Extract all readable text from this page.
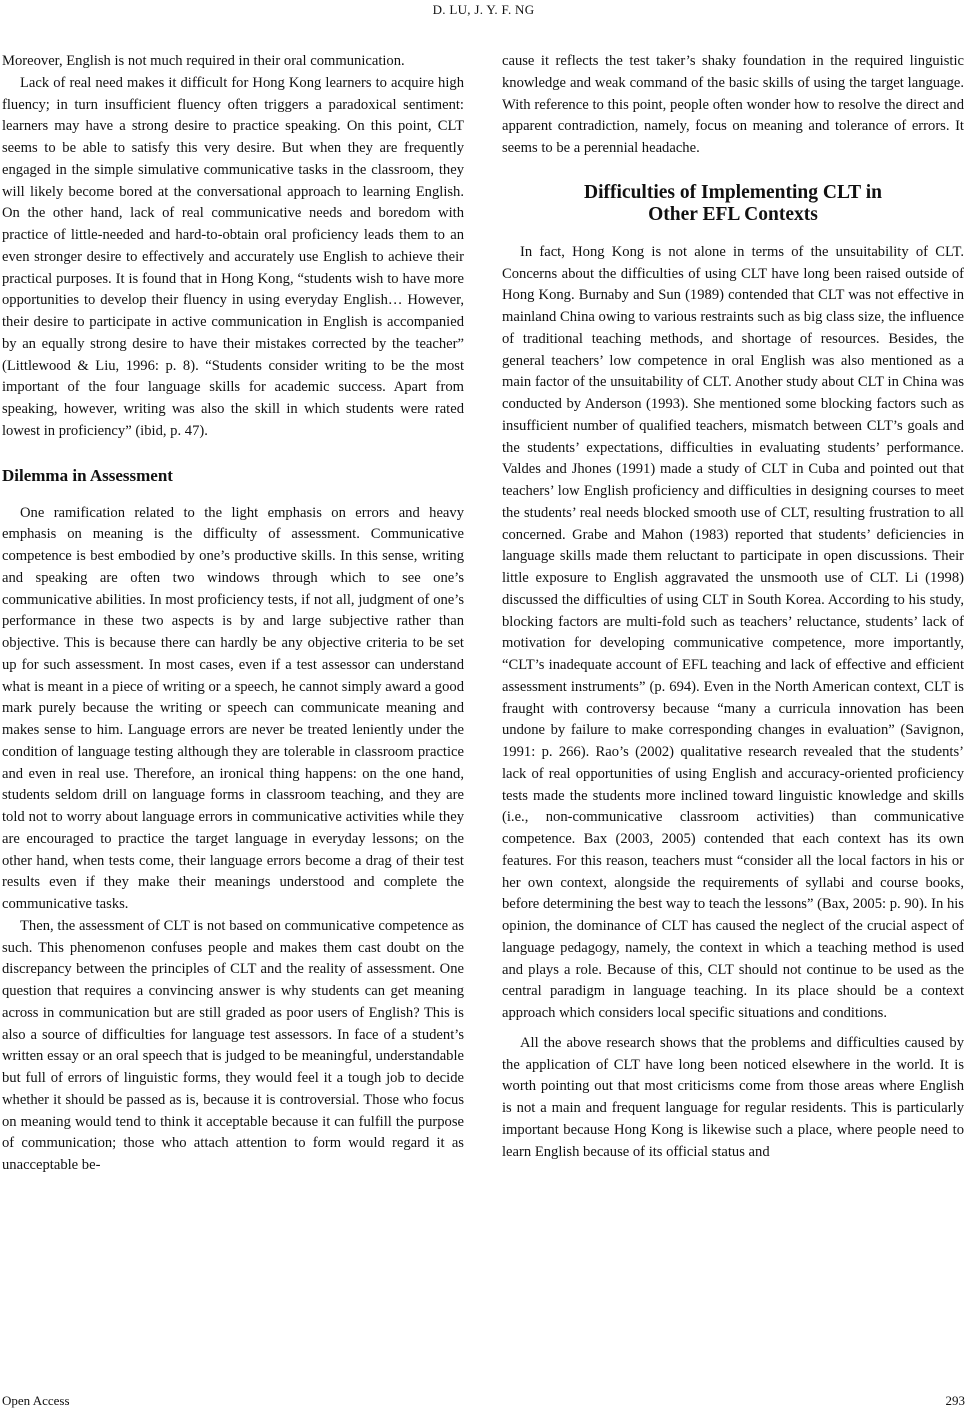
D. LU, J. Y. F. NG

Moreover, English is not much required in their oral communication.

Lack of real need makes it difficult for Hong Kong learners to acquire high fluency; in turn insufficient fluency often triggers a paradoxical sentiment: learners may have a strong desire to practice speaking. On this point, CLT seems to be able to satisfy this very desire. But when they are frequently engaged in the simple simulative communicative tasks in the classroom, they will likely become bored at the conversational approach to learning English. On the other hand, lack of real communicative needs and boredom with practice of little-needed and hard-to-obtain oral proficiency leads them to an even stronger desire to effectively and accurately use English to achieve their practical purposes. It is found that in Hong Kong, “students wish to have more opportunities to develop their fluency in using everyday English… However, their desire to participate in active communication in English is accompanied by an equally strong desire to have their mistakes corrected by the teacher” (Littlewood & Liu, 1996: p. 8). “Students consider writing to be the most important of the four language skills for academic success. Apart from speaking, however, writing was also the skill in which students were rated lowest in proficiency” (ibid, p. 47).

Dilemma in Assessment

One ramification related to the light emphasis on errors and heavy emphasis on meaning is the difficulty of assessment. Communicative competence is best embodied by one’s productive skills. In this sense, writing and speaking are often two windows through which to see one’s communicative abilities. In most proficiency tests, if not all, judgment of one’s performance in these two aspects is by and large subjective rather than objective. This is because there can hardly be any objective criteria to be set up for such assessment. In most cases, even if a test assessor can understand what is meant in a piece of writing or a speech, he cannot simply award a good mark purely because the writing or speech can communicate meaning and makes sense to him. Language errors are never be treated leniently under the condition of language testing although they are tolerable in classroom practice and even in real use. Therefore, an ironical thing happens: on the one hand, students seldom drill on language forms in classroom teaching, and they are told not to worry about language errors in communicative activities while they are encouraged to practice the target language in everyday lessons; on the other hand, when tests come, their language errors become a drag of their test results even if they make their meanings understood and complete the communicative tasks.

Then, the assessment of CLT is not based on communicative competence as such. This phenomenon confuses people and makes them cast doubt on the discrepancy between the principles of CLT and the reality of assessment. One question that requires a convincing answer is why students can get meaning across in communication but are still graded as poor users of English? This is also a source of difficulties for language test assessors. In face of a student’s written essay or an oral speech that is judged to be meaningful, understandable but full of errors of linguistic forms, they would feel it a tough job to decide whether it should be passed as is, because it is controversial. Those who focus on meaning would tend to think it acceptable because it can fulfill the purpose of communication; those who attach attention to form would regard it as unacceptable be-

cause it reflects the test taker’s shaky foundation in the required linguistic knowledge and weak command of the basic skills of using the target language. With reference to this point, people often wonder how to resolve the direct and apparent contradiction, namely, focus on meaning and tolerance of errors. It seems to be a perennial headache.

Difficulties of Implementing CLT in
Other EFL Contexts

In fact, Hong Kong is not alone in terms of the unsuitability of CLT. Concerns about the difficulties of using CLT have long been raised outside of Hong Kong. Burnaby and Sun (1989) contended that CLT was not effective in mainland China owing to various restraints such as big class size, the influence of traditional teaching methods, and shortage of resources. Besides, the general teachers’ low competence in oral English was also mentioned as a main factor of the unsuitability of CLT. Another study about CLT in China was conducted by Anderson (1993). She mentioned some blocking factors such as insufficient number of qualified teachers, mismatch between CLT’s goals and the students’ expectations, difficulties in evaluating students’ performance. Valdes and Jhones (1991) made a study of CLT in Cuba and pointed out that teachers’ low English proficiency and difficulties in designing courses to meet the students’ real needs blocked smooth use of CLT, resulting frustration to all concerned. Grabe and Mahon (1983) reported that students’ deficiencies in language skills made them reluctant to participate in open discussions. Their little exposure to English aggravated the unsmooth use of CLT. Li (1998) discussed the difficulties of using CLT in South Korea. According to his study, blocking factors are multi-fold such as teachers’ reluctance, students’ lack of motivation for developing communicative competence, more importantly, “CLT’s inadequate account of EFL teaching and lack of effective and efficient assessment instruments” (p. 694). Even in the North American context, CLT is fraught with controversy because “many a curricula innovation has been undone by failure to make corresponding changes in evaluation” (Savignon, 1991: p. 266). Rao’s (2002) qualitative research revealed that the students’ lack of real opportunities of using English and accuracy-oriented proficiency tests made the students more inclined toward linguistic knowledge and skills (i.e., non-communicative classroom activities) than communicative competence. Bax (2003, 2005) contended that each context has its own features. For this reason, teachers must “consider all the local factors in his or her own context, alongside the requirements of syllabi and course books, before determining the best way to teach the lessons” (Bax, 2005: p. 90). In his opinion, the dominance of CLT has caused the neglect of the crucial aspect of language pedagogy, namely, the context in which a teaching method is used and plays a role. Because of this, CLT should not continue to be used as the central paradigm in language teaching. In its place should be a context approach which considers local specific situations and conditions.

All the above research shows that the problems and difficulties caused by the application of CLT have long been noticed elsewhere in the world. It is worth pointing out that most criticisms come from those areas where English is not a main and frequent language for regular residents. This is particularly important because Hong Kong is likewise such a place, where people need to learn English because of its official status and

Open Access	293
